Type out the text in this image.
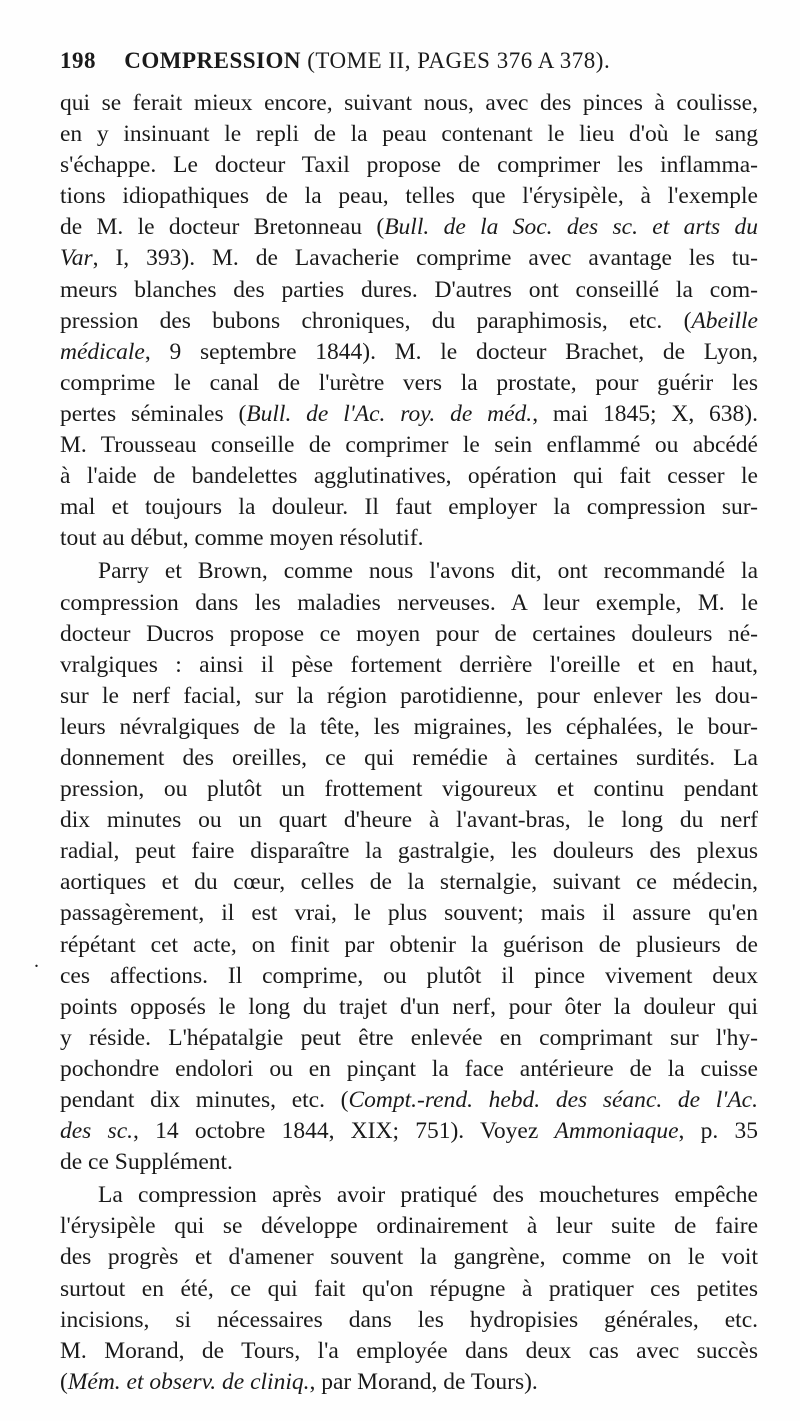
198 COMPRESSION (TOME II, PAGES 376 A 378).
qui se ferait mieux encore, suivant nous, avec des pinces à coulisse,
en y insinuant le repli de la peau contenant le lieu d'où le sang
s'échappe. Le docteur Taxil propose de comprimer les inflamma-
tions idiopathiques de la peau, telles que l'érysipèle, à l'exemple
de M. le docteur Bretonneau (Bull. de la Soc. des sc. et arts du
Var, I, 393). M. de Lavacherie comprime avec avantage les tu-
meurs blanches des parties dures. D'autres ont conseillé la com-
pression des bubons chroniques, du paraphimosis, etc. (Abeille
médicale, 9 septembre 1844). M. le docteur Brachet, de Lyon,
comprime le canal de l'urètre vers la prostate, pour guérir les
pertes séminales (Bull. de l'Ac. roy. de méd., mai 1845; X, 638).
M. Trousseau conseille de comprimer le sein enflammé ou abcédé
à l'aide de bandelettes agglutinatives, opération qui fait cesser le
mal et toujours la douleur. Il faut employer la compression sur-
tout au début, comme moyen résolutif.
Parry et Brown, comme nous l'avons dit, ont recommandé la
compression dans les maladies nerveuses. A leur exemple, M. le
docteur Ducros propose ce moyen pour de certaines douleurs né-
vralgiques : ainsi il pèse fortement derrière l'oreille et en haut,
sur le nerf facial, sur la région parotidienne, pour enlever les dou-
leurs névralgiques de la tête, les migraines, les céphalées, le bour-
donnement des oreilles, ce qui remédie à certaines surdités. La
pression, ou plutôt un frottement vigoureux et continu pendant
dix minutes ou un quart d'heure à l'avant-bras, le long du nerf
radial, peut faire disparaître la gastralgie, les douleurs des plexus
aortiques et du cœur, celles de la sternalgie, suivant ce médecin,
passagèrement, il est vrai, le plus souvent; mais il assure qu'en
répétant cet acte, on finit par obtenir la guérison de plusieurs de
ces affections. Il comprime, ou plutôt il pince vivement deux
points opposés le long du trajet d'un nerf, pour ôter la douleur qui
y réside. L'hépatalgie peut être enlevée en comprimant sur l'hy-
pochondre endolori ou en pinçant la face antérieure de la cuisse
pendant dix minutes, etc. (Compt.-rend. hebd. des séanc. de l'Ac.
des sc., 14 octobre 1844, XIX; 751). Voyez Ammoniaque, p. 35
de ce Supplément.
La compression après avoir pratiqué des mouchetures empêche
l'érysipèle qui se développe ordinairement à leur suite de faire
des progrès et d'amener souvent la gangrène, comme on le voit
surtout en été, ce qui fait qu'on répugne à pratiquer ces petites
incisions, si nécessaires dans les hydropisies générales, etc.
M. Morand, de Tours, l'a employée dans deux cas avec succès
(Mém. et observ. de cliniq., par Morand, de Tours).
.
